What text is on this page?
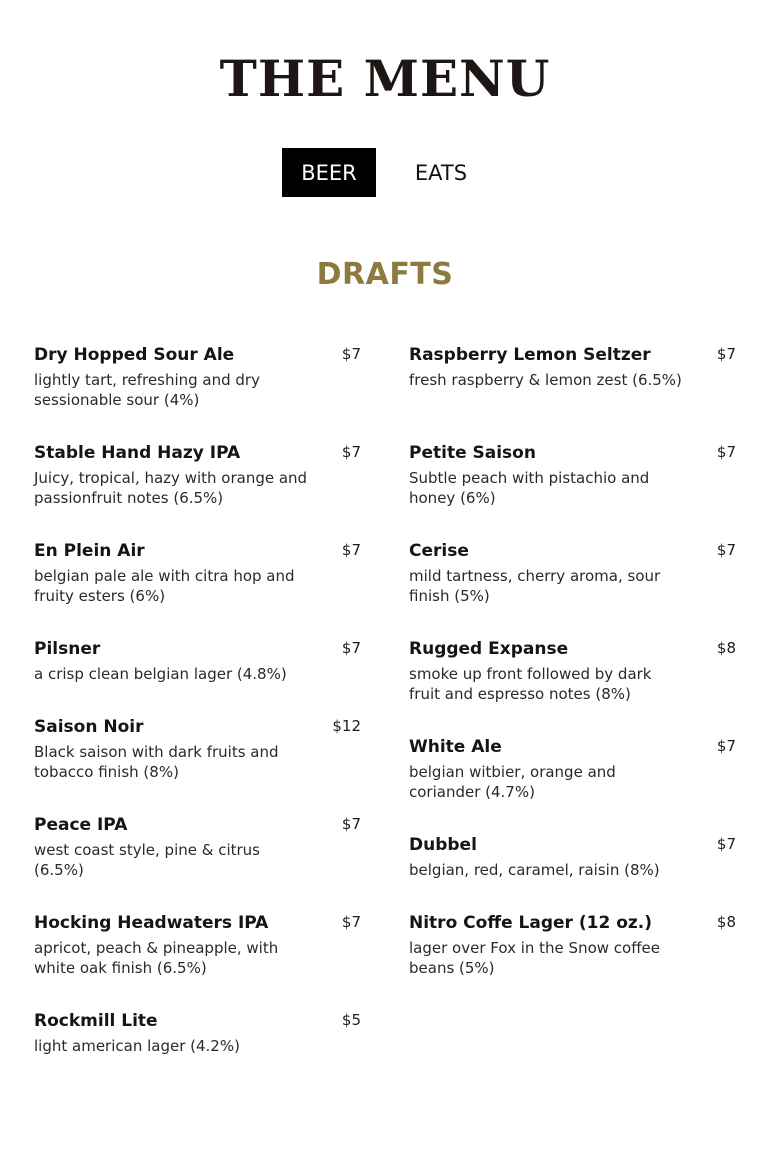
THE MENU
BEER	EATS
DRAFTS
Dry Hopped Sour Ale	$7
lightly tart, refreshing and dry sessionable sour (4%)
Stable Hand Hazy IPA	$7
Juicy, tropical, hazy with orange and passionfruit notes (6.5%)
En Plein Air	$7
belgian pale ale with citra hop and fruity esters (6%)
Pilsner	$7
a crisp clean belgian lager (4.8%)
Saison Noir	$12
Black saison with dark fruits and tobacco finish (8%)
Peace IPA	$7
west coast style, pine & citrus (6.5%)
Hocking Headwaters IPA	$7
apricot, peach & pineapple, with white oak finish (6.5%)
Rockmill Lite	$5
light american lager (4.2%)
Raspberry Lemon Seltzer	$7
fresh raspberry & lemon zest (6.5%)
Petite Saison	$7
Subtle peach with pistachio and honey (6%)
Cerise	$7
mild tartness, cherry aroma, sour finish (5%)
Rugged Expanse	$8
smoke up front followed by dark fruit and espresso notes (8%)
White Ale	$7
belgian witbier, orange and coriander (4.7%)
Dubbel	$7
belgian, red, caramel, raisin (8%)
Nitro Coffe Lager (12 oz.)	$8
lager over Fox in the Snow coffee beans (5%)
